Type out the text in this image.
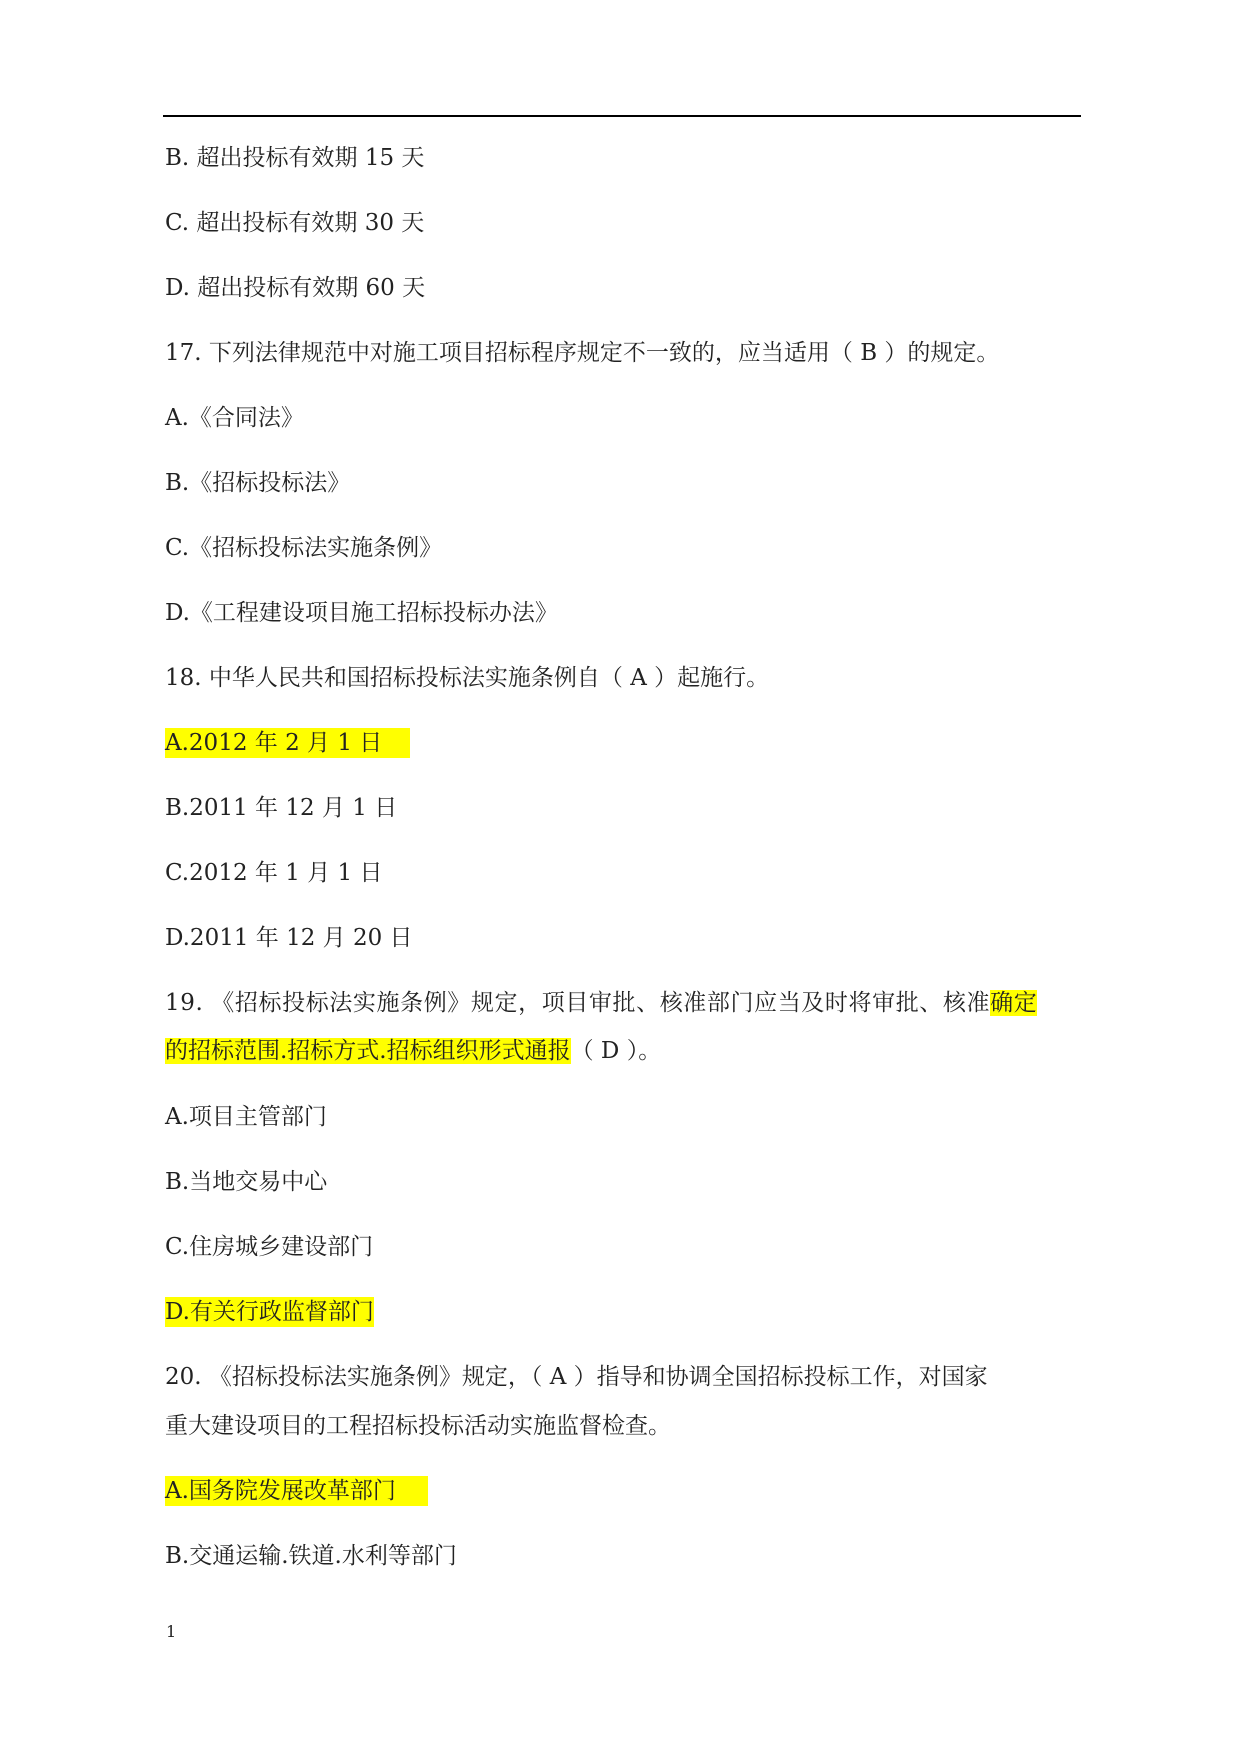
B. 超出投标有效期 15 天
C. 超出投标有效期 30 天
D. 超出投标有效期 60 天
17. 下列法律规范中对施工项目招标程序规定不一致的，应当适用（ B ）的规定。
A.《合同法》
B.《招标投标法》
C.《招标投标法实施条例》
D.《工程建设项目施工招标投标办法》
18. 中华人民共和国招标投标法实施条例自（ A ）起施行。
A.2012 年 2 月 1 日
B.2011 年 12 月 1 日
C.2012 年 1 月 1 日
D.2011 年 12 月 20 日
19. 《招标投标法实施条例》规定，项目审批、核准部门应当及时将审批、核准确定
的招标范围.招标方式.招标组织形式通报（ D ）。
A.项目主管部门
B.当地交易中心
C.住房城乡建设部门
D.有关行政监督部门
20. 《招标投标法实施条例》规定，（ A ）指导和协调全国招标投标工作，对国家
重大建设项目的工程招标投标活动实施监督检查。
A.国务院发展改革部门
B.交通运输.铁道.水利等部门
1
